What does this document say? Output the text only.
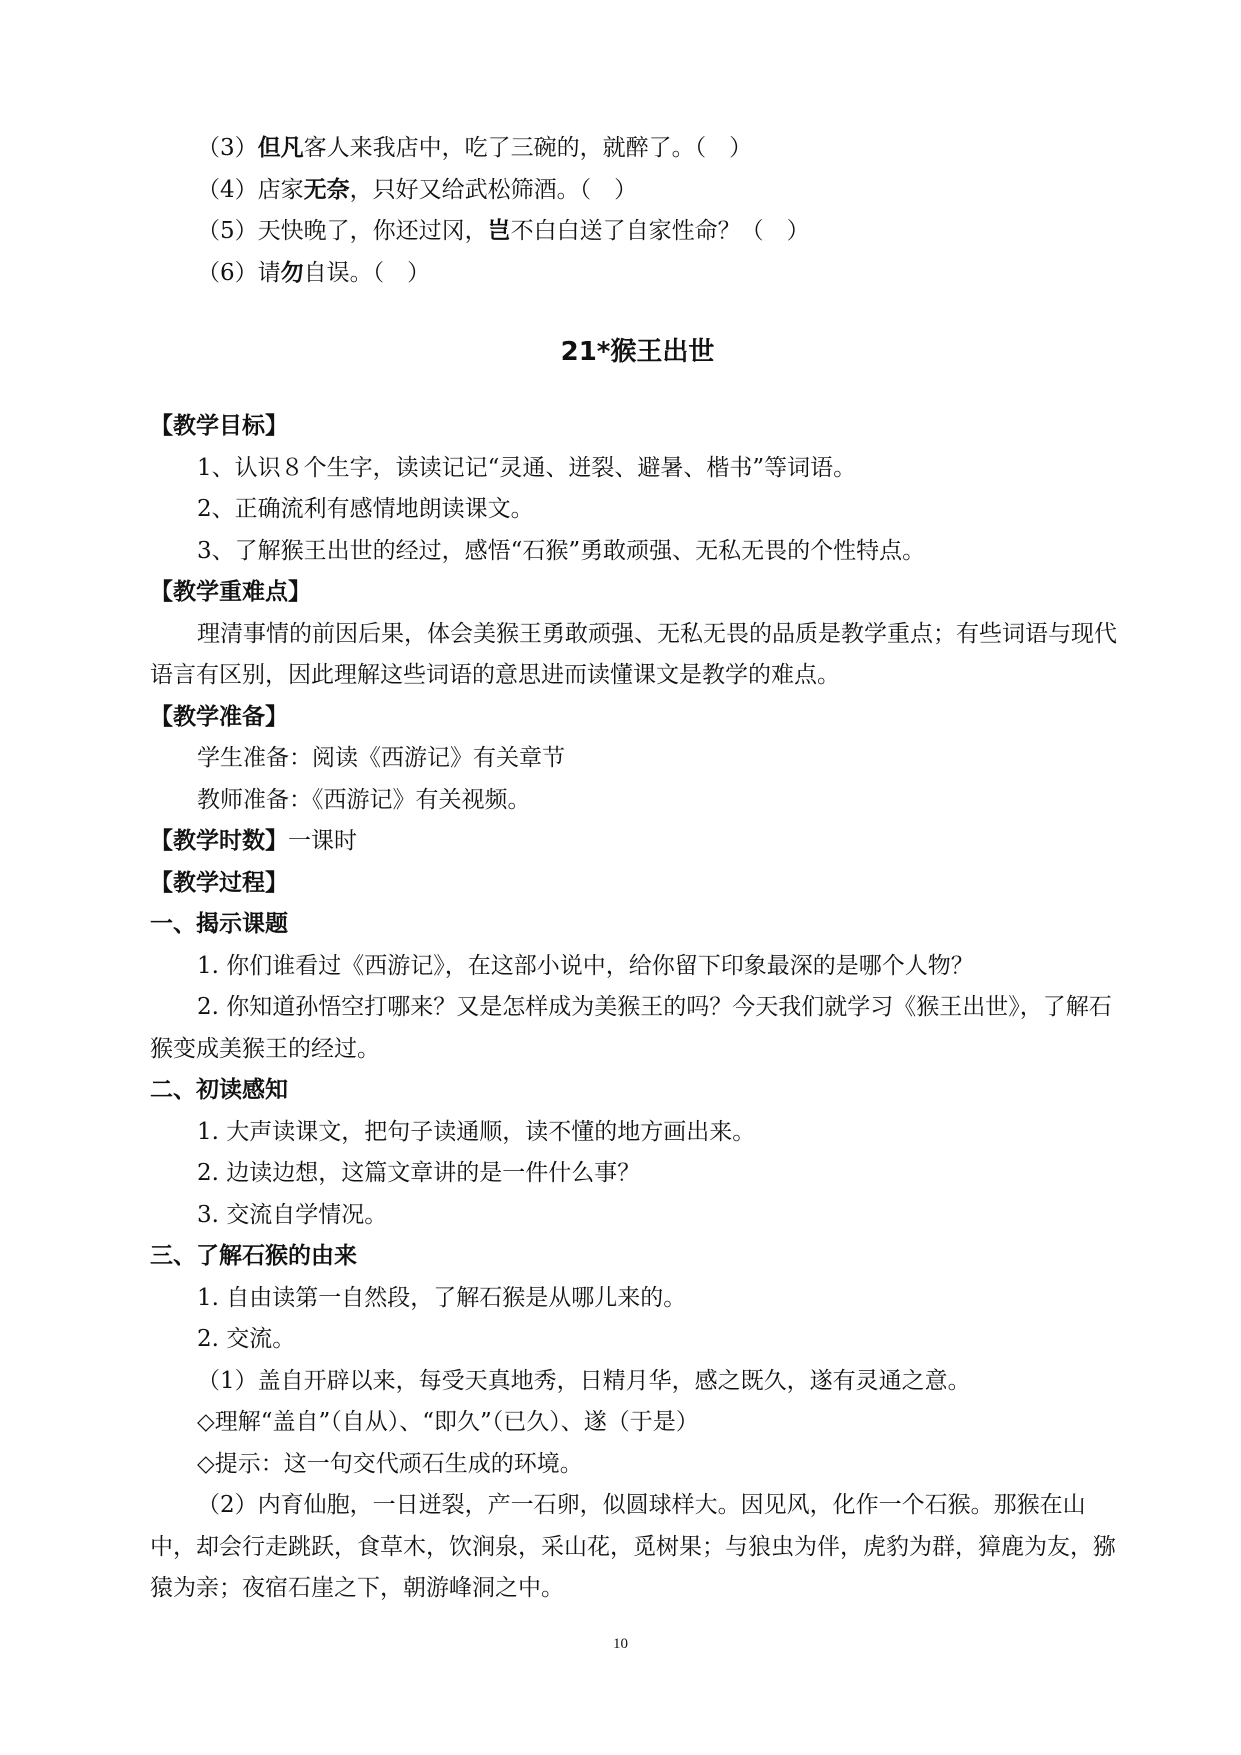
（3）但凡客人来我店中，吃了三碗的，就醉了。（　）
（4）店家无奈，只好又给武松筛酒。（　）
（5）天快晚了，你还过冈，岂不白白送了自家性命？（　）
（6）请勿自误。（　）
21*猴王出世
【教学目标】
1、认识８个生字，读读记记“灵通、迸裂、避暑、楷书”等词语。
2、正确流利有感情地朗读课文。
3、了解猴王出世的经过，感悟“石猴”勇敢顽强、无私无畏的个性特点。
【教学重难点】
理清事情的前因后果，体会美猴王勇敢顽强、无私无畏的品质是教学重点；有些词语与现代语言有区别，因此理解这些词语的意思进而读懂课文是教学的难点。
【教学准备】
学生准备：阅读《西游记》有关章节
教师准备：《西游记》有关视频。
【教学时数】一课时
【教学过程】
一、揭示课题
1. 你们谁看过《西游记》，在这部小说中，给你留下印象最深的是哪个人物？
2. 你知道孙悟空打哪来？又是怎样成为美猴王的吗？今天我们就学习《猴王出世》，了解石猴变成美猴王的经过。
二、初读感知
1. 大声读课文，把句子读通顺，读不懂的地方画出来。
2. 边读边想，这篇文章讲的是一件什么事？
3. 交流自学情况。
三、了解石猴的由来
1. 自由读第一自然段，了解石猴是从哪儿来的。
2. 交流。
（1）盖自开辟以来，每受天真地秀，日精月华，感之既久，遂有灵通之意。
◇理解“盖自”（自从）、“即久”（已久）、遂（于是）
◇提示：这一句交代顽石生成的环境。
（2）内育仙胞，一日迸裂，产一石卵，似圆球样大。因见风，化作一个石猴。那猴在山中，却会行走跳跃，食草木，饮涧泉，采山花，觅树果；与狼虫为伴，虎豹为群，獐鹿为友，猕猿为亲；夜宿石崖之下，朝游峰洞之中。
10
